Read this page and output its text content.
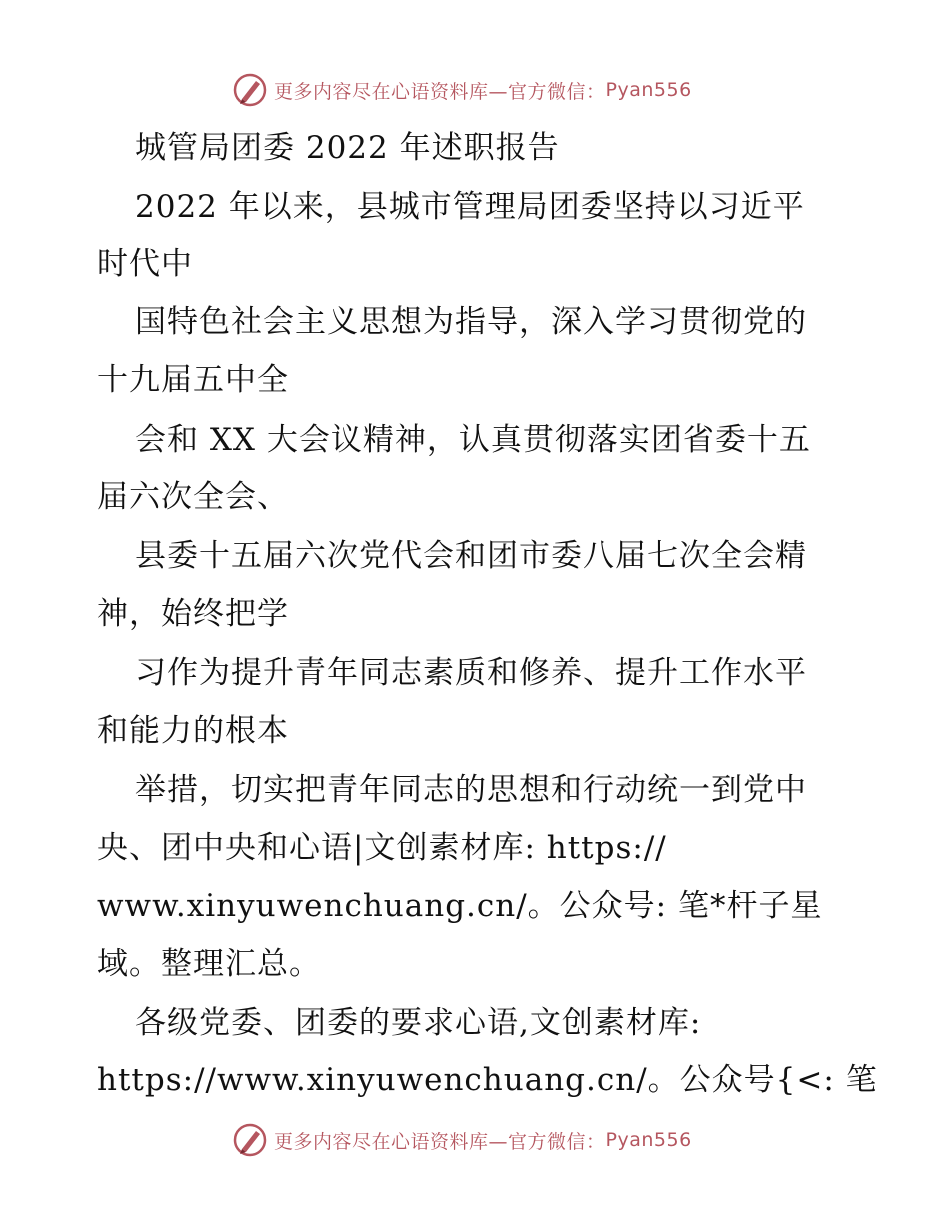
更多内容尽在心语资料库—官方微信： Pyan556
城管局团委 2022 年述职报告
2022 年以来，县城市管理局团委坚持以习近平
时代中
国特色社会主义思想为指导，深入学习贯彻党的
十九届五中全
会和 XX 大会议精神，认真贯彻落实团省委十五
届六次全会、
县委十五届六次党代会和团市委八届七次全会精
神，始终把学
习作为提升青年同志素质和修养、提升工作水平
和能力的根本
举措，切实把青年同志的思想和行动统一到党中
央、团中央和心语|文创素材库: https://
www.xinyuwenchuang.cn/。公众号: 笔*杆子星
域。整理汇总。
各级党委、团委的要求心语,文创素材库:
https://www.xinyuwenchuang.cn/。公众号{<: 笔
更多内容尽在心语资料库—官方微信： Pyan556
